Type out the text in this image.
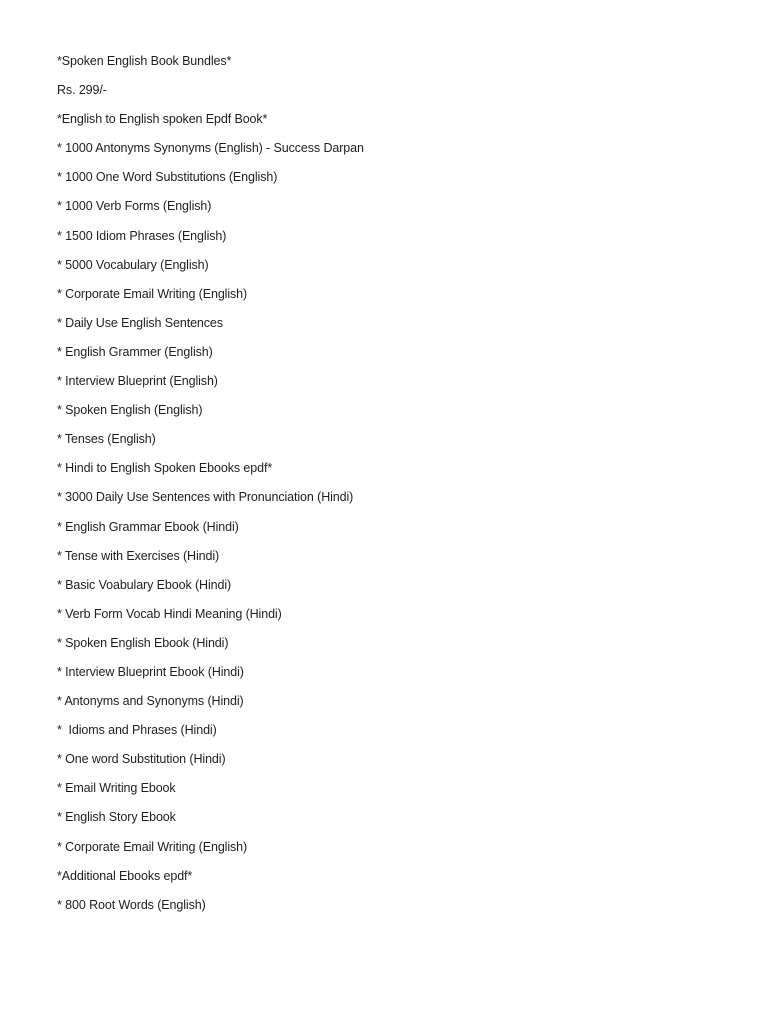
*Spoken English Book Bundles*
Rs. 299/-
*English to English spoken Epdf Book*
* 1000 Antonyms Synonyms (English) - Success Darpan
* 1000 One Word Substitutions (English)
* 1000 Verb Forms (English)
* 1500 Idiom Phrases (English)
* 5000 Vocabulary (English)
* Corporate Email Writing (English)
* Daily Use English Sentences
* English Grammer (English)
* Interview Blueprint (English)
* Spoken English (English)
* Tenses (English)
* Hindi to English Spoken Ebooks epdf*
* 3000 Daily Use Sentences with Pronunciation (Hindi)
* English Grammar Ebook (Hindi)
* Tense with Exercises (Hindi)
* Basic Voabulary Ebook (Hindi)
* Verb Form Vocab Hindi Meaning (Hindi)
* Spoken English Ebook (Hindi)
* Interview Blueprint Ebook (Hindi)
* Antonyms and Synonyms (Hindi)
*  Idioms and Phrases (Hindi)
* One word Substitution (Hindi)
* Email Writing Ebook
* English Story Ebook
* Corporate Email Writing (English)
*Additional Ebooks epdf*
* 800 Root Words (English)
